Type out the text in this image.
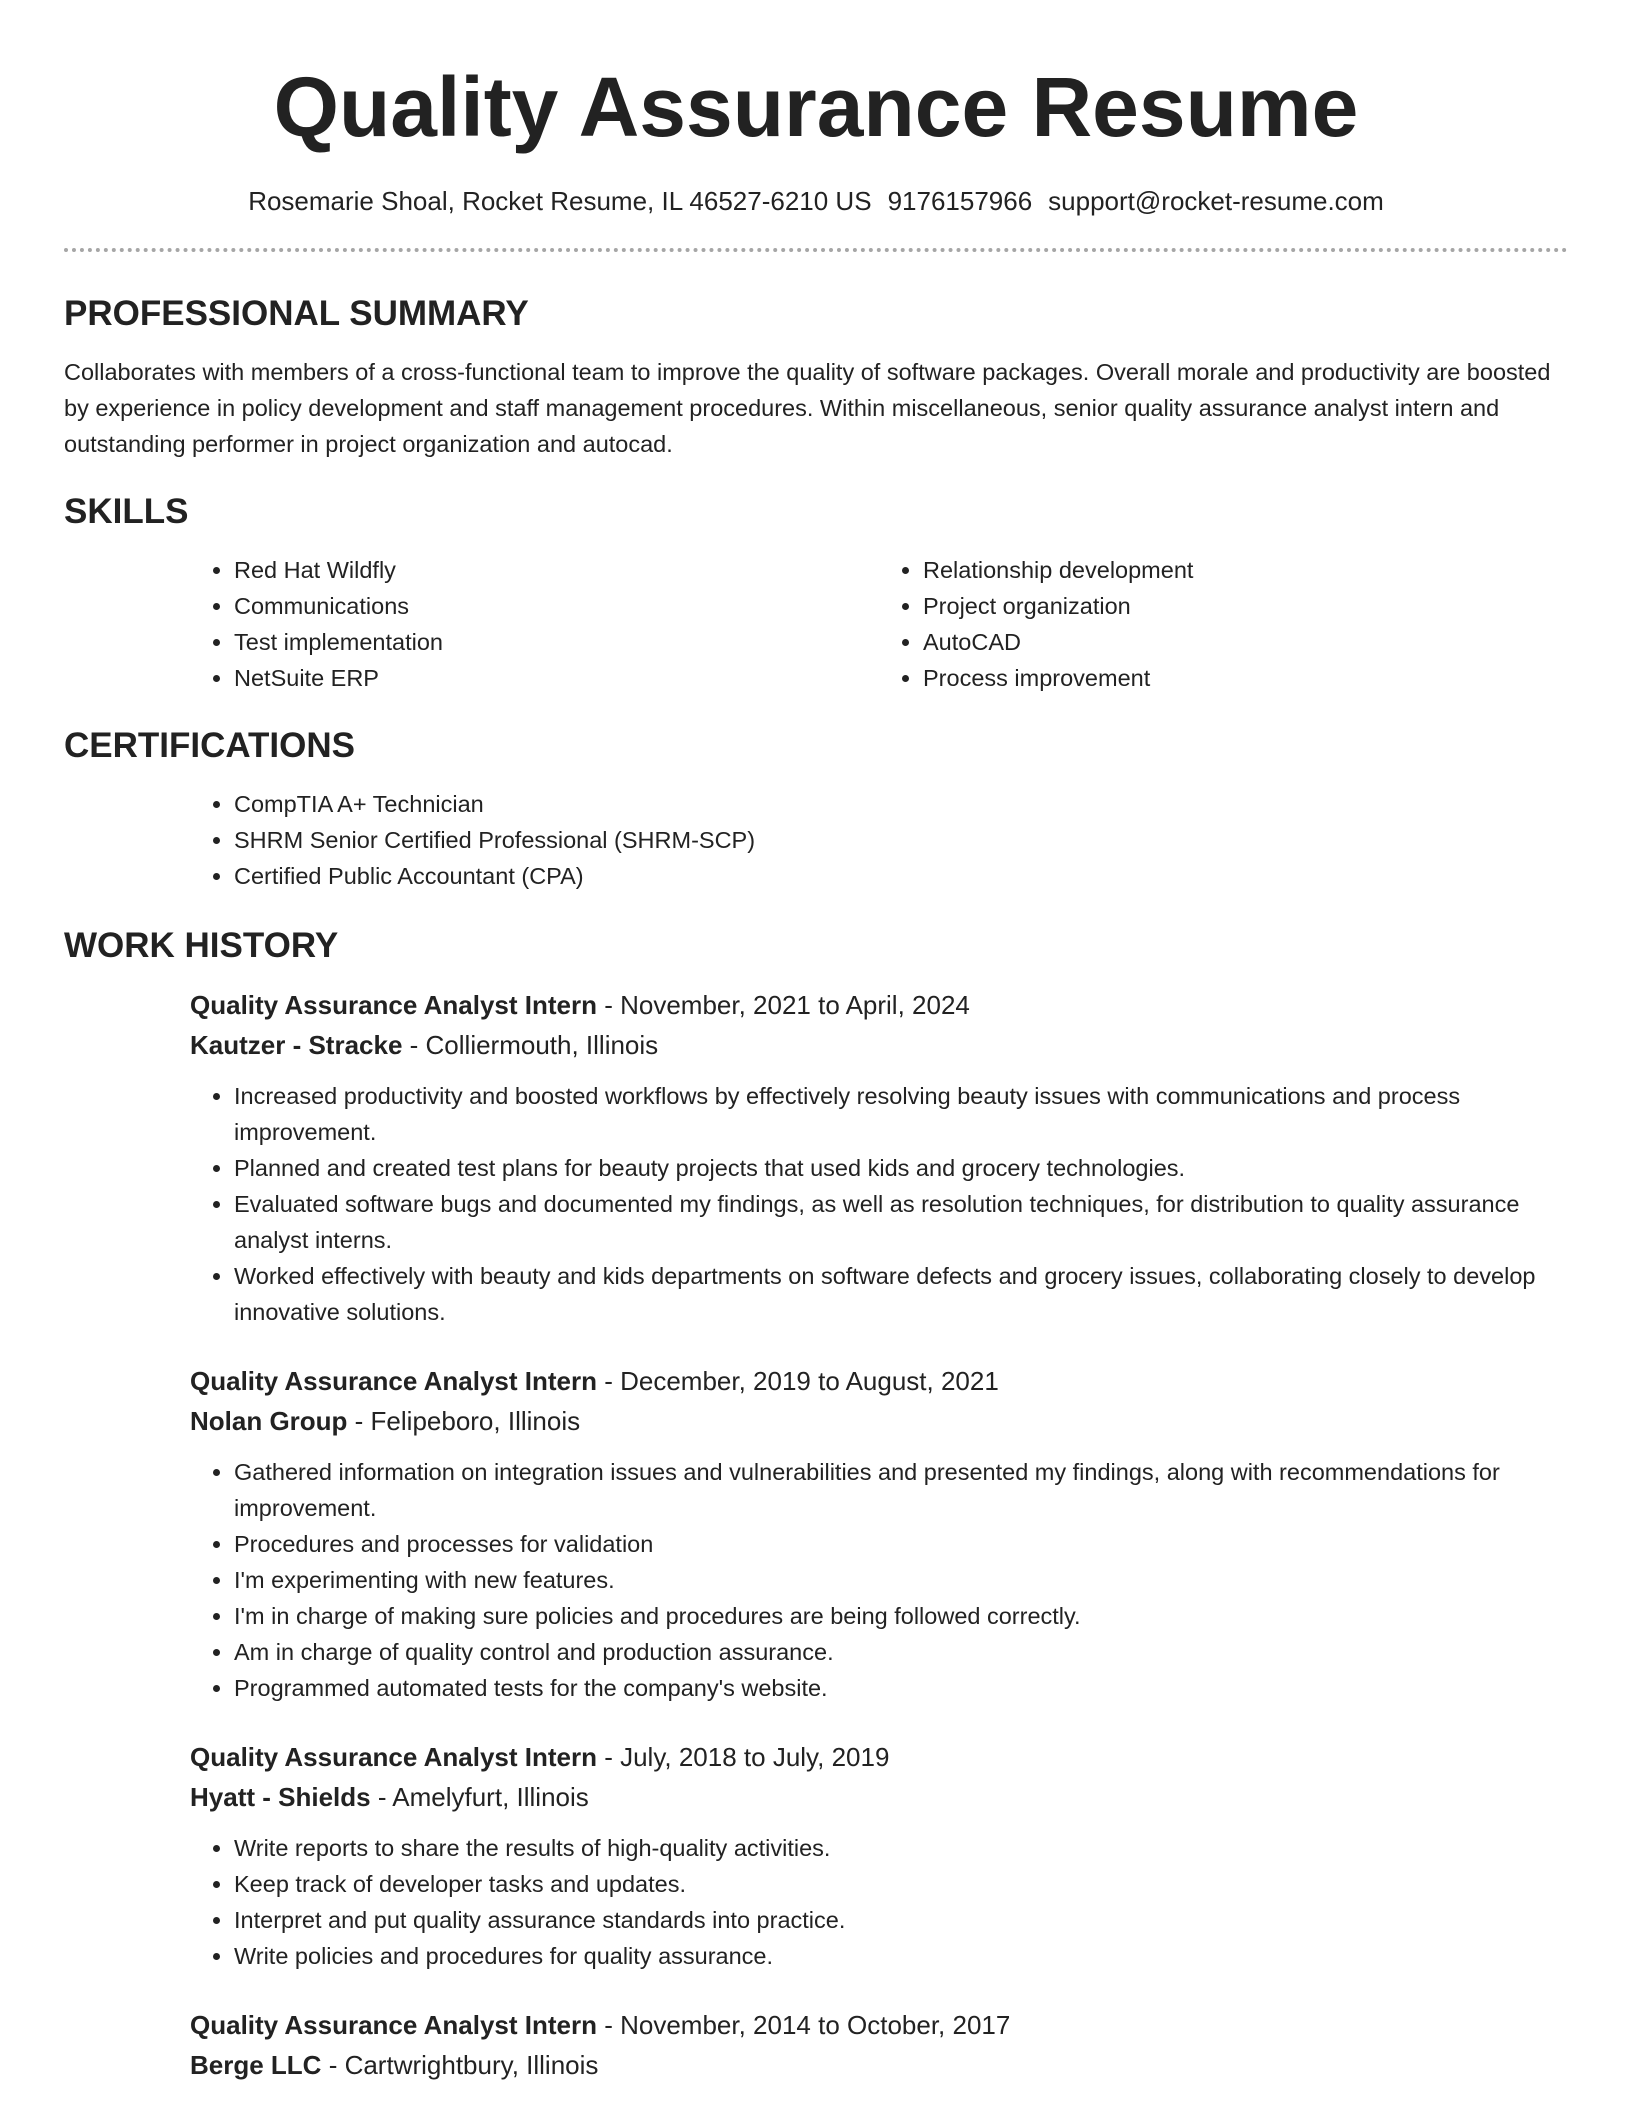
Quality Assurance Resume
Rosemarie Shoal, Rocket Resume, IL 46527-6210 US 9176157966 support@rocket-resume.com
PROFESSIONAL SUMMARY

Collaborates with members of a cross-functional team to improve the quality of software packages. Overall morale and productivity are boosted by experience in policy development and staff management procedures. Within miscellaneous, senior quality assurance analyst intern and outstanding performer in project organization and autocad.

SKILLS
• Red Hat Wildfly
• Communications
• Test implementation
• NetSuite ERP
• Relationship development
• Project organization
• AutoCAD
• Process improvement
CERTIFICATIONS
• CompTIA A+ Technician
• SHRM Senior Certified Professional (SHRM-SCP)
• Certified Public Accountant (CPA)
WORK HISTORY
Quality Assurance Analyst Intern - November, 2021 to April, 2024
Kautzer - Stracke - Colliermouth, Illinois
• Increased productivity and boosted workflows by effectively resolving beauty issues with communications and process improvement.
• Planned and created test plans for beauty projects that used kids and grocery technologies.
• Evaluated software bugs and documented my findings, as well as resolution techniques, for distribution to quality assurance analyst interns.
• Worked effectively with beauty and kids departments on software defects and grocery issues, collaborating closely to develop innovative solutions.
Quality Assurance Analyst Intern - December, 2019 to August, 2021
Nolan Group - Felipeboro, Illinois
• Gathered information on integration issues and vulnerabilities and presented my findings, along with recommendations for improvement.
• Procedures and processes for validation
• I'm experimenting with new features.
• I'm in charge of making sure policies and procedures are being followed correctly.
• Am in charge of quality control and production assurance.
• Programmed automated tests for the company's website.
Quality Assurance Analyst Intern - July, 2018 to July, 2019
Hyatt - Shields - Amelyfurt, Illinois
• Write reports to share the results of high-quality activities.
• Keep track of developer tasks and updates.
• Interpret and put quality assurance standards into practice.
• Write policies and procedures for quality assurance.
Quality Assurance Analyst Intern - November, 2014 to October, 2017
Berge LLC - Cartwrightbury, Illinois
